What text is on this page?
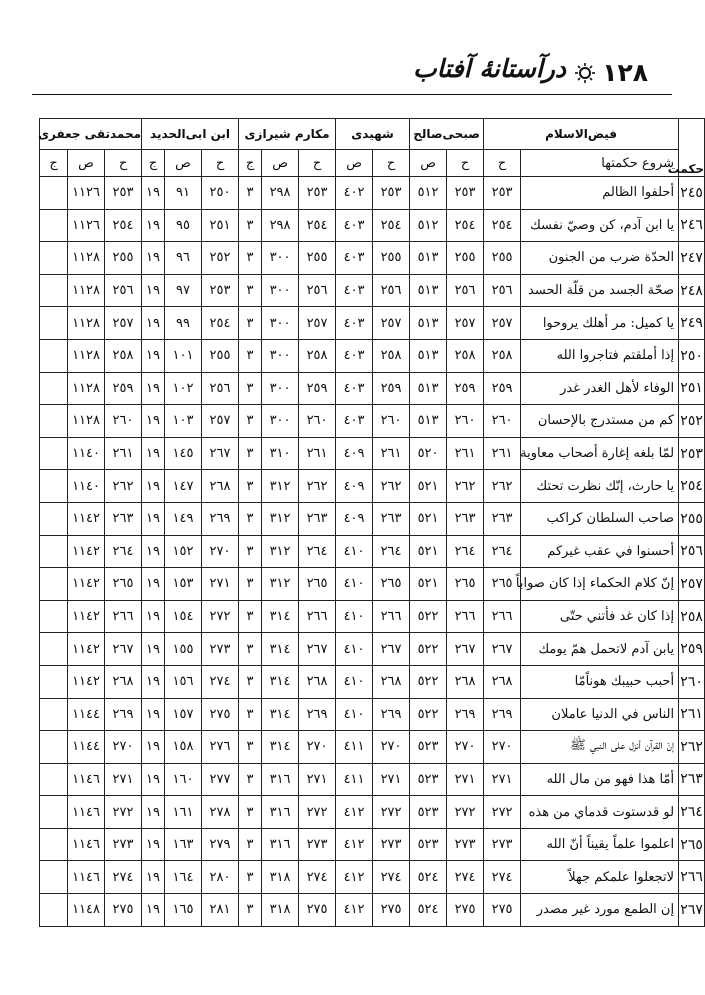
١٢٨
درآستانۀ آفتاب
حکمت	فیض‌الاسلام		صبحی‌صالح		شهیدی		مکارم شیرازی			ابن ابی‌الحدید			محمدتقی جعفری		
	شروع حکمتها	ح	ح	ص	ح	ص	ح	ص	ج	ح	ص	ج	ح	ص	ج
٢٤٥	أحلفوا الظالم	٢٥٣	٢٥٣	٥١٢	٢٥٣	٤٠٢	٢٥٣	٢٩٨	٣	٢٥٠	٩١	١٩	٢٥٣	١١٢٦	
٢٤٦	يا ابن آدم، كن وصيّ نفسك	٢٥٤	٢٥٤	٥١٢	٢٥٤	٤٠٣	٢٥٤	٢٩٨	٣	٢٥١	٩٥	١٩	٢٥٤	١١٢٦	
٢٤٧	الحدّة ضرب من الجنون	٢٥٥	٢٥٥	٥١٣	٢٥٥	٤٠٣	٢٥٥	٣٠٠	٣	٢٥٢	٩٦	١٩	٢٥٥	١١٢٨	
٢٤٨	صحّة الجسد من قلّة الحسد	٢٥٦	٢٥٦	٥١٣	٢٥٦	٤٠٣	٢٥٦	٣٠٠	٣	٢٥٣	٩٧	١٩	٢٥٦	١١٢٨	
٢٤٩	يا كميل: مر أهلك يروحوا	٢٥٧	٢٥٧	٥١٣	٢٥٧	٤٠٣	٢٥٧	٣٠٠	٣	٢٥٤	٩٩	١٩	٢٥٧	١١٢٨	
٢٥٠	إذا أملقتم فتاجروا الله	٢٥٨	٢٥٨	٥١٣	٢٥٨	٤٠٣	٢٥٨	٣٠٠	٣	٢٥٥	١٠١	١٩	٢٥٨	١١٢٨	
٢٥١	الوفاء لأهل الغدر غدر	٢٥٩	٢٥٩	٥١٣	٢٥٩	٤٠٣	٢٥٩	٣٠٠	٣	٢٥٦	١٠٢	١٩	٢٥٩	١١٢٨	
٢٥٢	كم من مستدرج بالإحسان	٢٦٠	٢٦٠	٥١٣	٢٦٠	٤٠٣	٢٦٠	٣٠٠	٣	٢٥٧	١٠٣	١٩	٢٦٠	١١٢٨	
٢٥٣	لمّا بلغه إغارة أصحاب معاوية	٢٦١	٢٦١	٥٢٠	٢٦١	٤٠٩	٢٦١	٣١٠	٣	٢٦٧	١٤٥	١٩	٢٦١	١١٤٠	
٢٥٤	يا حارث، إنّك نظرت تحتك	٢٦٢	٢٦٢	٥٢١	٢٦٢	٤٠٩	٢٦٢	٣١٢	٣	٢٦٨	١٤٧	١٩	٢٦٢	١١٤٠	
٢٥٥	صاحب السلطان كراكب	٢٦٣	٢٦٣	٥٢١	٢٦٣	٤٠٩	٢٦٣	٣١٢	٣	٢٦٩	١٤٩	١٩	٢٦٣	١١٤٢	
٢٥٦	أحسنوا في عقب غيركم	٢٦٤	٢٦٤	٥٢١	٢٦٤	٤١٠	٢٦٤	٣١٢	٣	٢٧٠	١٥٢	١٩	٢٦٤	١١٤٢	
٢٥٧	إنّ كلام الحكماء إذا كان صواباً	٢٦٥	٢٦٥	٥٢١	٢٦٥	٤١٠	٢٦٥	٣١٢	٣	٢٧١	١٥٣	١٩	٢٦٥	١١٤٢	
٢٥٨	إذا كان غد فأتني حتّى	٢٦٦	٢٦٦	٥٢٢	٢٦٦	٤١٠	٢٦٦	٣١٤	٣	٢٧٢	١٥٤	١٩	٢٦٦	١١٤٢	
٢٥٩	يابن آدم لاتحمل همّ يومك	٢٦٧	٢٦٧	٥٢٢	٢٦٧	٤١٠	٢٦٧	٣١٤	٣	٢٧٣	١٥٥	١٩	٢٦٧	١١٤٢	
٢٦٠	أحبب حبيبك هوناًمّا	٢٦٨	٢٦٨	٥٢٢	٢٦٨	٤١٠	٢٦٨	٣١٤	٣	٢٧٤	١٥٦	١٩	٢٦٨	١١٤٢	
٢٦١	الناس في الدنيا عاملان	٢٦٩	٢٦٩	٥٢٢	٢٦٩	٤١٠	٢٦٩	٣١٤	٣	٢٧٥	١٥٧	١٩	٢٦٩	١١٤٤	
٢٦٢	إنّ القرآن أنزل على النبي ﷺ	٢٧٠	٢٧٠	٥٢٣	٢٧٠	٤١١	٢٧٠	٣١٤	٣	٢٧٦	١٥٨	١٩	٢٧٠	١١٤٤	
٢٦٣	أمّا هذا فهو من مال الله	٢٧١	٢٧١	٥٢٣	٢٧١	٤١١	٢٧١	٣١٦	٣	٢٧٧	١٦٠	١٩	٢٧١	١١٤٦	
٢٦٤	لو قدستوت قدماي من هذه	٢٧٢	٢٧٢	٥٢٣	٢٧٢	٤١٢	٢٧٢	٣١٦	٣	٢٧٨	١٦١	١٩	٢٧٢	١١٤٦	
٢٦٥	اعلموا علماً يقيناً أنّ الله	٢٧٣	٢٧٣	٥٢٣	٢٧٣	٤١٢	٢٧٣	٣١٦	٣	٢٧٩	١٦٣	١٩	٢٧٣	١١٤٦	
٢٦٦	لاتجعلوا علمكم جهلاً	٢٧٤	٢٧٤	٥٢٤	٢٧٤	٤١٢	٢٧٤	٣١٨	٣	٢٨٠	١٦٤	١٩	٢٧٤	١١٤٦	
٢٦٧	إن الطمع مورد غير مصدر	٢٧٥	٢٧٥	٥٢٤	٢٧٥	٤١٢	٢٧٥	٣١٨	٣	٢٨١	١٦٥	١٩	٢٧٥	١١٤٨	
